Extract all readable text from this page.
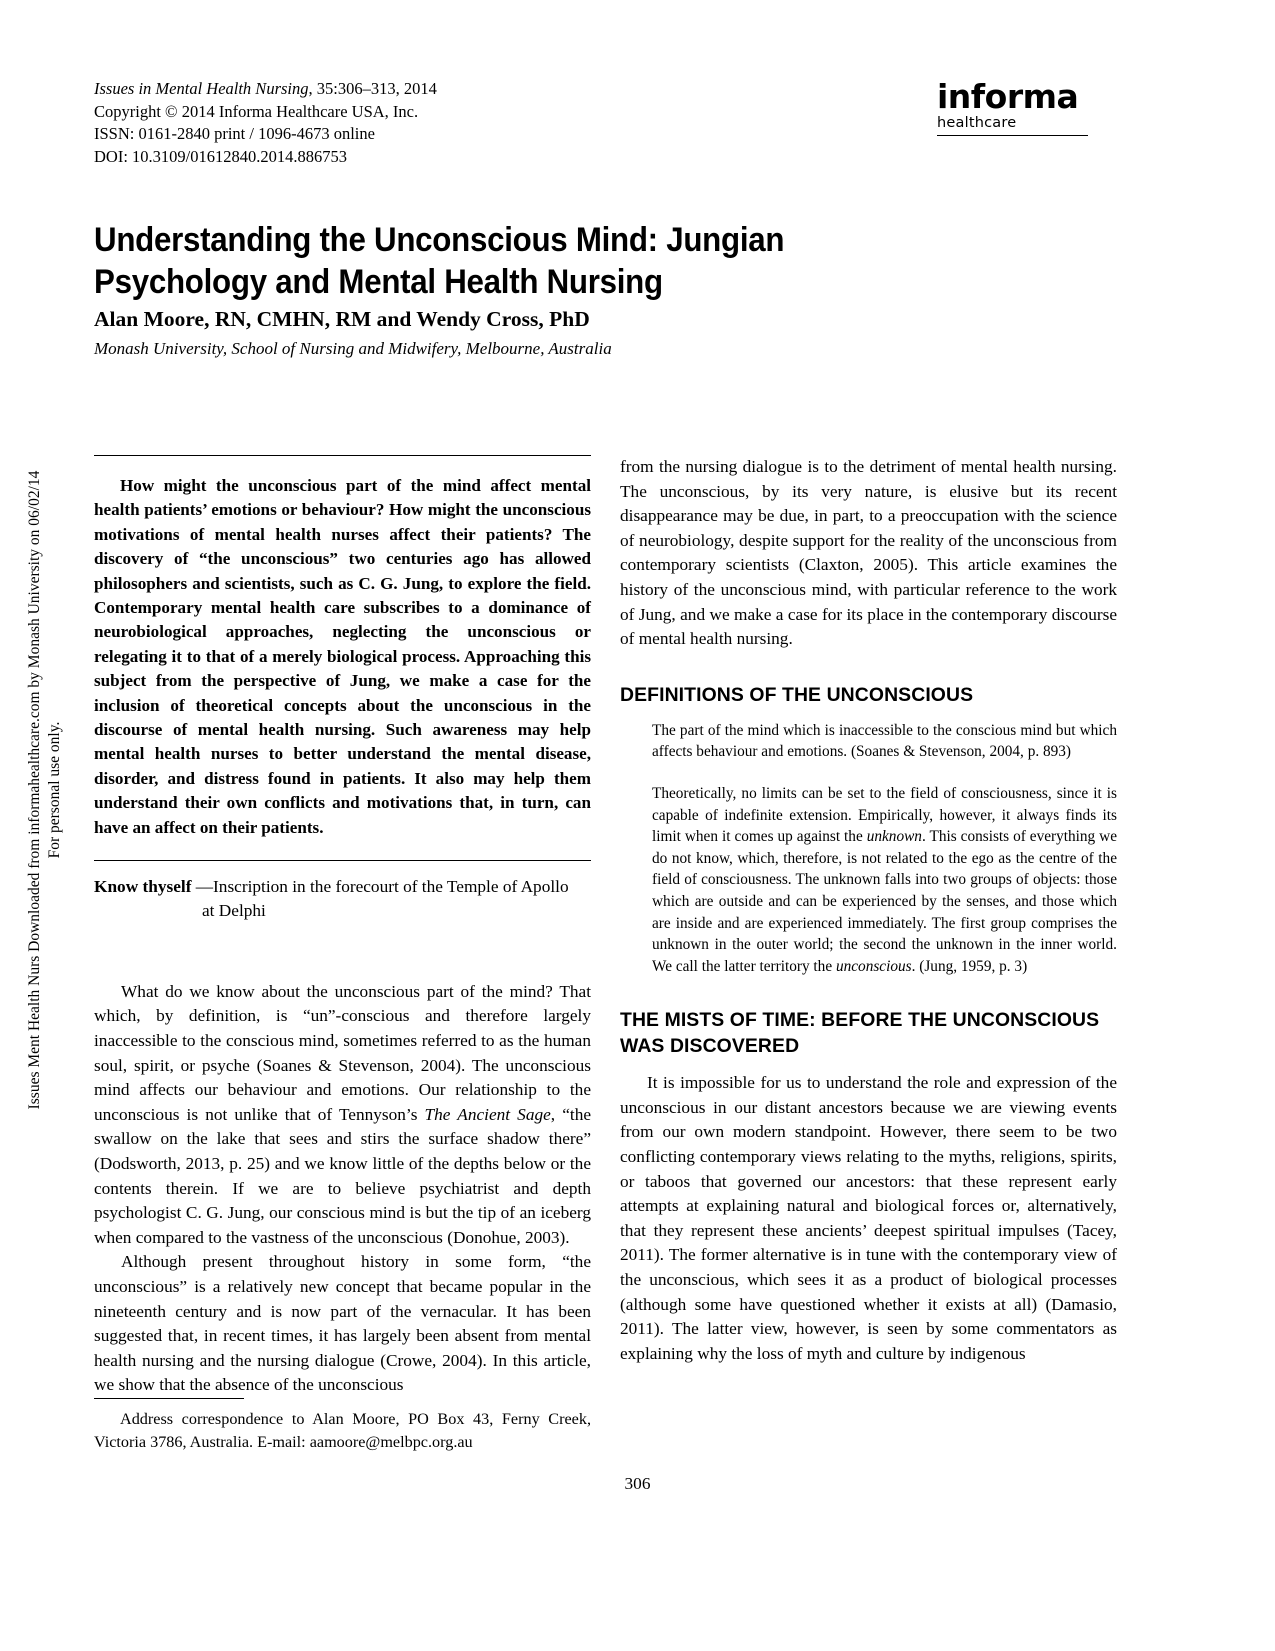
Issues Ment Health Nurs Downloaded from informahealthcare.com by Monash University on 06/02/14 For personal use only.
Issues in Mental Health Nursing, 35:306–313, 2014
Copyright © 2014 Informa Healthcare USA, Inc.
ISSN: 0161-2840 print / 1096-4673 online
DOI: 10.3109/01612840.2014.886753
informa
healthcare
Understanding the Unconscious Mind: Jungian Psychology and Mental Health Nursing
Alan Moore, RN, CMHN, RM and Wendy Cross, PhD
Monash University, School of Nursing and Midwifery, Melbourne, Australia

How might the unconscious part of the mind affect mental health patients’ emotions or behaviour? How might the unconscious motivations of mental health nurses affect their patients? The discovery of “the unconscious” two centuries ago has allowed philosophers and scientists, such as C. G. Jung, to explore the field. Contemporary mental health care subscribes to a dominance of neurobiological approaches, neglecting the unconscious or relegating it to that of a merely biological process. Approaching this subject from the perspective of Jung, we make a case for the inclusion of theoretical concepts about the unconscious in the discourse of mental health nursing. Such awareness may help mental health nurses to better understand the mental disease, disorder, and distress found in patients. It also may help them understand their own conflicts and motivations that, in turn, can have an affect on their patients.

Know thyself —Inscription in the forecourt of the Temple of Apollo
at Delphi

What do we know about the unconscious part of the mind? That which, by definition, is “un”-conscious and therefore largely inaccessible to the conscious mind, sometimes referred to as the human soul, spirit, or psyche (Soanes & Stevenson, 2004). The unconscious mind affects our behaviour and emotions. Our relationship to the unconscious is not unlike that of Tennyson’s The Ancient Sage, “the swallow on the lake that sees and stirs the surface shadow there” (Dodsworth, 2013, p. 25) and we know little of the depths below or the contents therein. If we are to believe psychiatrist and depth psychologist C. G. Jung, our conscious mind is but the tip of an iceberg when compared to the vastness of the unconscious (Donohue, 2003).

Although present throughout history in some form, “the unconscious” is a relatively new concept that became popular in the nineteenth century and is now part of the vernacular. It has been suggested that, in recent times, it has largely been absent from mental health nursing and the nursing dialogue (Crowe, 2004). In this article, we show that the absence of the unconscious

from the nursing dialogue is to the detriment of mental health nursing. The unconscious, by its very nature, is elusive but its recent disappearance may be due, in part, to a preoccupation with the science of neurobiology, despite support for the reality of the unconscious from contemporary scientists (Claxton, 2005). This article examines the history of the unconscious mind, with particular reference to the work of Jung, and we make a case for its place in the contemporary discourse of mental health nursing.

DEFINITIONS OF THE UNCONSCIOUS
The part of the mind which is inaccessible to the conscious mind but which affects behaviour and emotions. (Soanes & Stevenson, 2004, p. 893)
Theoretically, no limits can be set to the field of consciousness, since it is capable of indefinite extension. Empirically, however, it always finds its limit when it comes up against the unknown. This consists of everything we do not know, which, therefore, is not related to the ego as the centre of the field of consciousness. The unknown falls into two groups of objects: those which are outside and can be experienced by the senses, and those which are inside and are experienced immediately. The first group comprises the unknown in the outer world; the second the unknown in the inner world. We call the latter territory the unconscious. (Jung, 1959, p. 3)
THE MISTS OF TIME: BEFORE THE UNCONSCIOUS WAS DISCOVERED

It is impossible for us to understand the role and expression of the unconscious in our distant ancestors because we are viewing events from our own modern standpoint. However, there seem to be two conflicting contemporary views relating to the myths, religions, spirits, or taboos that governed our ancestors: that these represent early attempts at explaining natural and biological forces or, alternatively, that they represent these ancients’ deepest spiritual impulses (Tacey, 2011). The former alternative is in tune with the contemporary view of the unconscious, which sees it as a product of biological processes (although some have questioned whether it exists at all) (Damasio, 2011). The latter view, however, is seen by some commentators as explaining why the loss of myth and culture by indigenous

Address correspondence to Alan Moore, PO Box 43, Ferny Creek, Victoria 3786, Australia. E-mail: aamoore@melbpc.org.au

306
